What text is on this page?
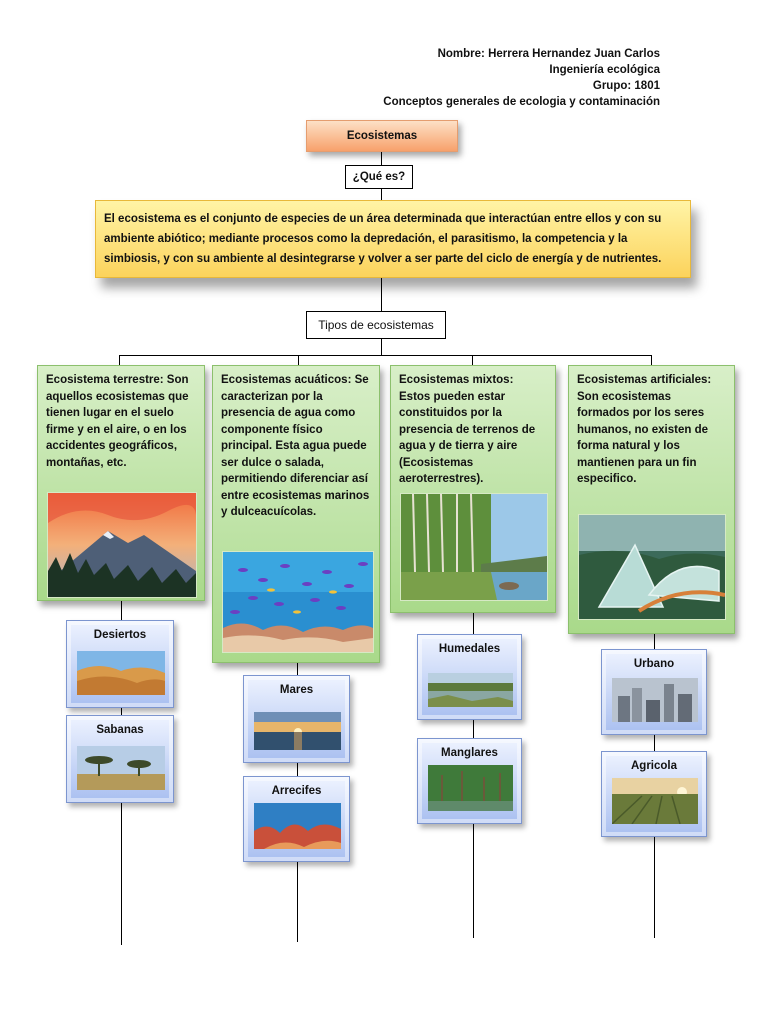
Nombre: Herrera Hernandez Juan Carlos
Ingeniería ecológica
Grupo: 1801
Conceptos generales de ecologia y contaminación
Ecosistemas
¿Qué es?
El ecosistema es el conjunto de especies de un área determinada que interactúan entre ellos y con su ambiente abiótico; mediante procesos como la depredación, el parasitismo, la competencia y la simbiosis, y con su ambiente al desintegrarse y volver a ser parte del ciclo de energía y de nutrientes.
Tipos de ecosistemas
Ecosistema terrestre: Son aquellos ecosistemas que tienen lugar en el suelo firme y en el aire, o en los accidentes geográficos, montañas, etc.
Ecosistemas acuáticos: Se caracterizan por la presencia de agua como componente físico principal. Esta agua puede ser dulce o salada, permitiendo diferenciar así entre ecosistemas marinos y dulceacuícolas.
Ecosistemas mixtos: Estos pueden estar constituidos por la presencia de terrenos de agua y de tierra y aire (Ecosistemas aeroterrestres).
Ecosistemas artificiales: Son ecosistemas formados por los seres humanos, no existen de forma natural y los mantienen para un fin especifico.
Desiertos
Sabanas
Mares
Arrecifes
Humedales
Manglares
Urbano
Agricola
